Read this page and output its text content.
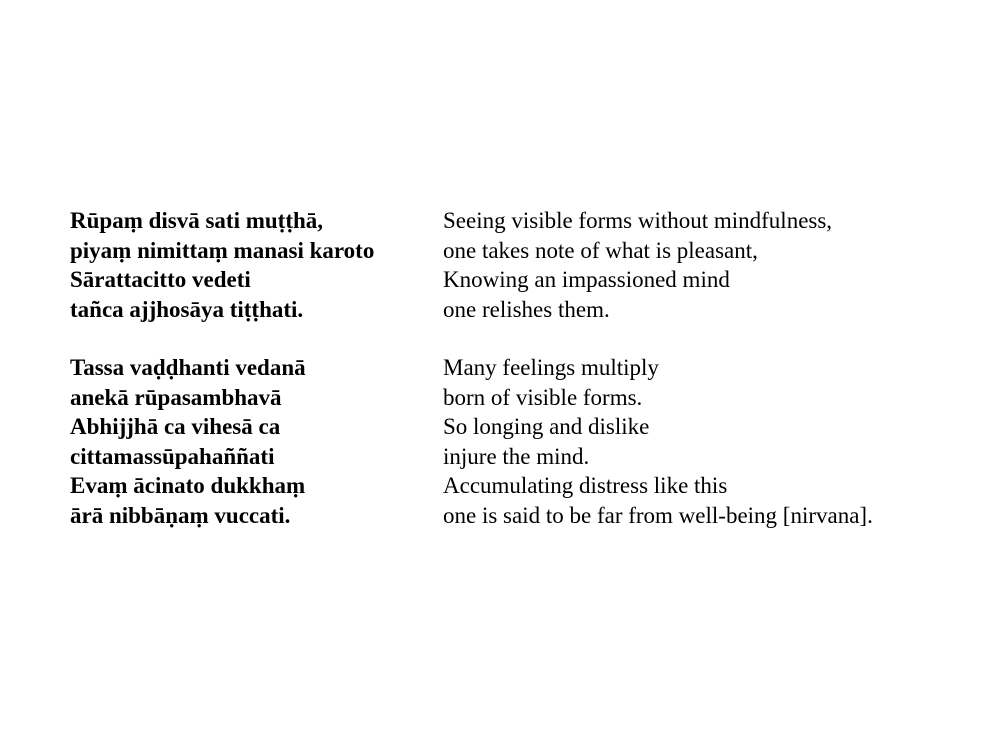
Rūpaṃ disvā sati muṭṭhā,
piyaṃ nimittaṃ manasi karoto
Sārattacitto vedeti
tañca ajjhosāya tiṭṭhati.
Tassa vaḍḍhanti vedanā
anekā rūpasambhavā
Abhijjhā ca vihesā ca
cittamassūpahaññati
Evaṃ ācinato dukkhaṃ
ārā nibbāṇaṃ vuccati.
Seeing visible forms without mindfulness,
one takes note of what is pleasant,
Knowing an impassioned mind
one relishes them.
Many feelings multiply
born of visible forms.
So longing and dislike
injure the mind.
Accumulating distress like this
one is said to be far from well-being [nirvana].
